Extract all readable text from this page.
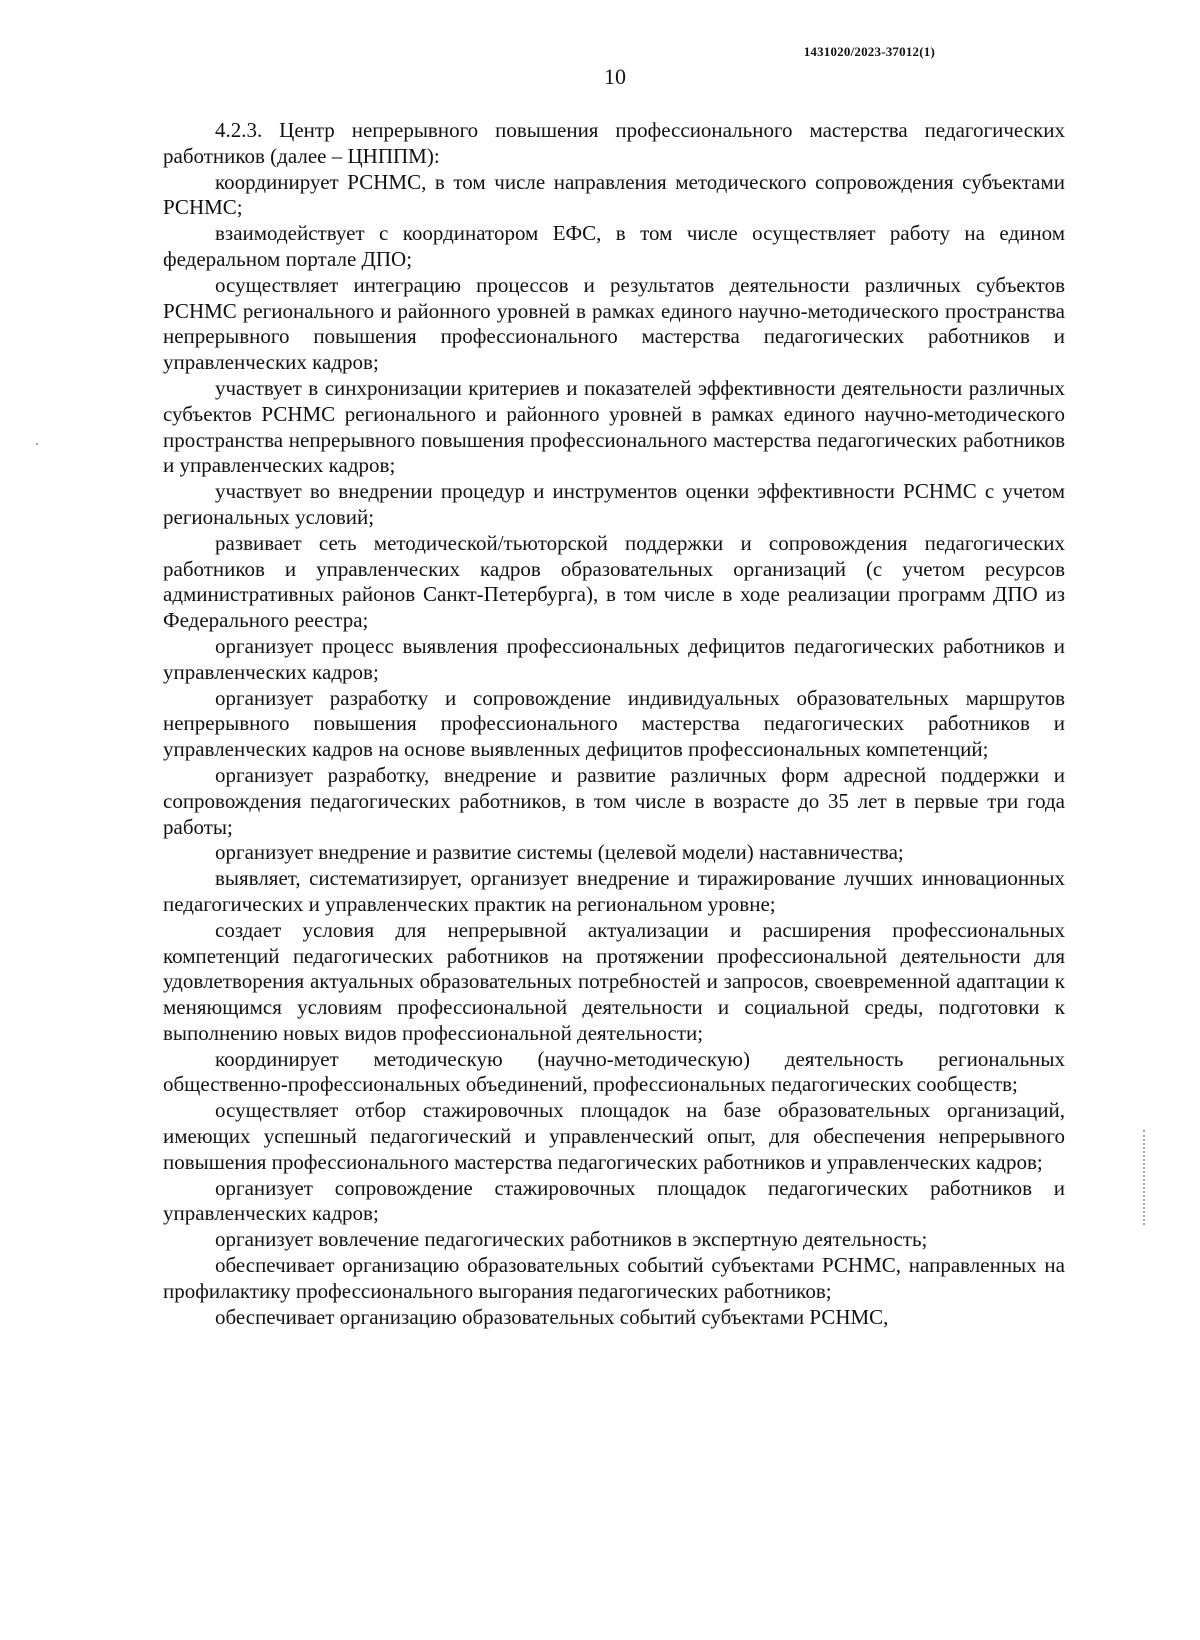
1431020/2023-37012(1)
10

4.2.3. Центр непрерывного повышения профессионального мастерства педагогических работников (далее – ЦНППМ):

координирует РСНМС, в том числе направления методического сопровождения субъектами РСНМС;

взаимодействует с координатором ЕФС, в том числе осуществляет работу на едином федеральном портале ДПО;

осуществляет интеграцию процессов и результатов деятельности различных субъектов РСНМС регионального и районного уровней в рамках единого научно-методического пространства непрерывного повышения профессионального мастерства педагогических работников и управленческих кадров;

участвует в синхронизации критериев и показателей эффективности деятельности различных субъектов РСНМС регионального и районного уровней в рамках единого научно-методического пространства непрерывного повышения профессионального мастерства педагогических работников и управленческих кадров;

участвует во внедрении процедур и инструментов оценки эффективности РСНМС с учетом региональных условий;

развивает сеть методической/тьюторской поддержки и сопровождения педагогических работников и управленческих кадров образовательных организаций (с учетом ресурсов административных районов Санкт-Петербурга), в том числе в ходе реализации программ ДПО из Федерального реестра;

организует процесс выявления профессиональных дефицитов педагогических работников и управленческих кадров;

организует разработку и сопровождение индивидуальных образовательных маршрутов непрерывного повышения профессионального мастерства педагогических работников и управленческих кадров на основе выявленных дефицитов профессиональных компетенций;

организует разработку, внедрение и развитие различных форм адресной поддержки и сопровождения педагогических работников, в том числе в возрасте до 35 лет в первые три года работы;

организует внедрение и развитие системы (целевой модели) наставничества;

выявляет, систематизирует, организует внедрение и тиражирование лучших инновационных педагогических и управленческих практик на региональном уровне;

создает условия для непрерывной актуализации и расширения профессиональных компетенций педагогических работников на протяжении профессиональной деятельности для удовлетворения актуальных образовательных потребностей и запросов, своевременной адаптации к меняющимся условиям профессиональной деятельности и социальной среды, подготовки к выполнению новых видов профессиональной деятельности;

координирует методическую (научно-методическую) деятельность региональных общественно-профессиональных объединений, профессиональных педагогических сообществ;

осуществляет отбор стажировочных площадок на базе образовательных организаций, имеющих успешный педагогический и управленческий опыт, для обеспечения непрерывного повышения профессионального мастерства педагогических работников и управленческих кадров;

организует сопровождение стажировочных площадок педагогических работников и управленческих кадров;

организует вовлечение педагогических работников в экспертную деятельность;

обеспечивает организацию образовательных событий субъектами РСНМС, направленных на профилактику профессионального выгорания педагогических работников;

обеспечивает организацию образовательных событий субъектами РСНМС,
